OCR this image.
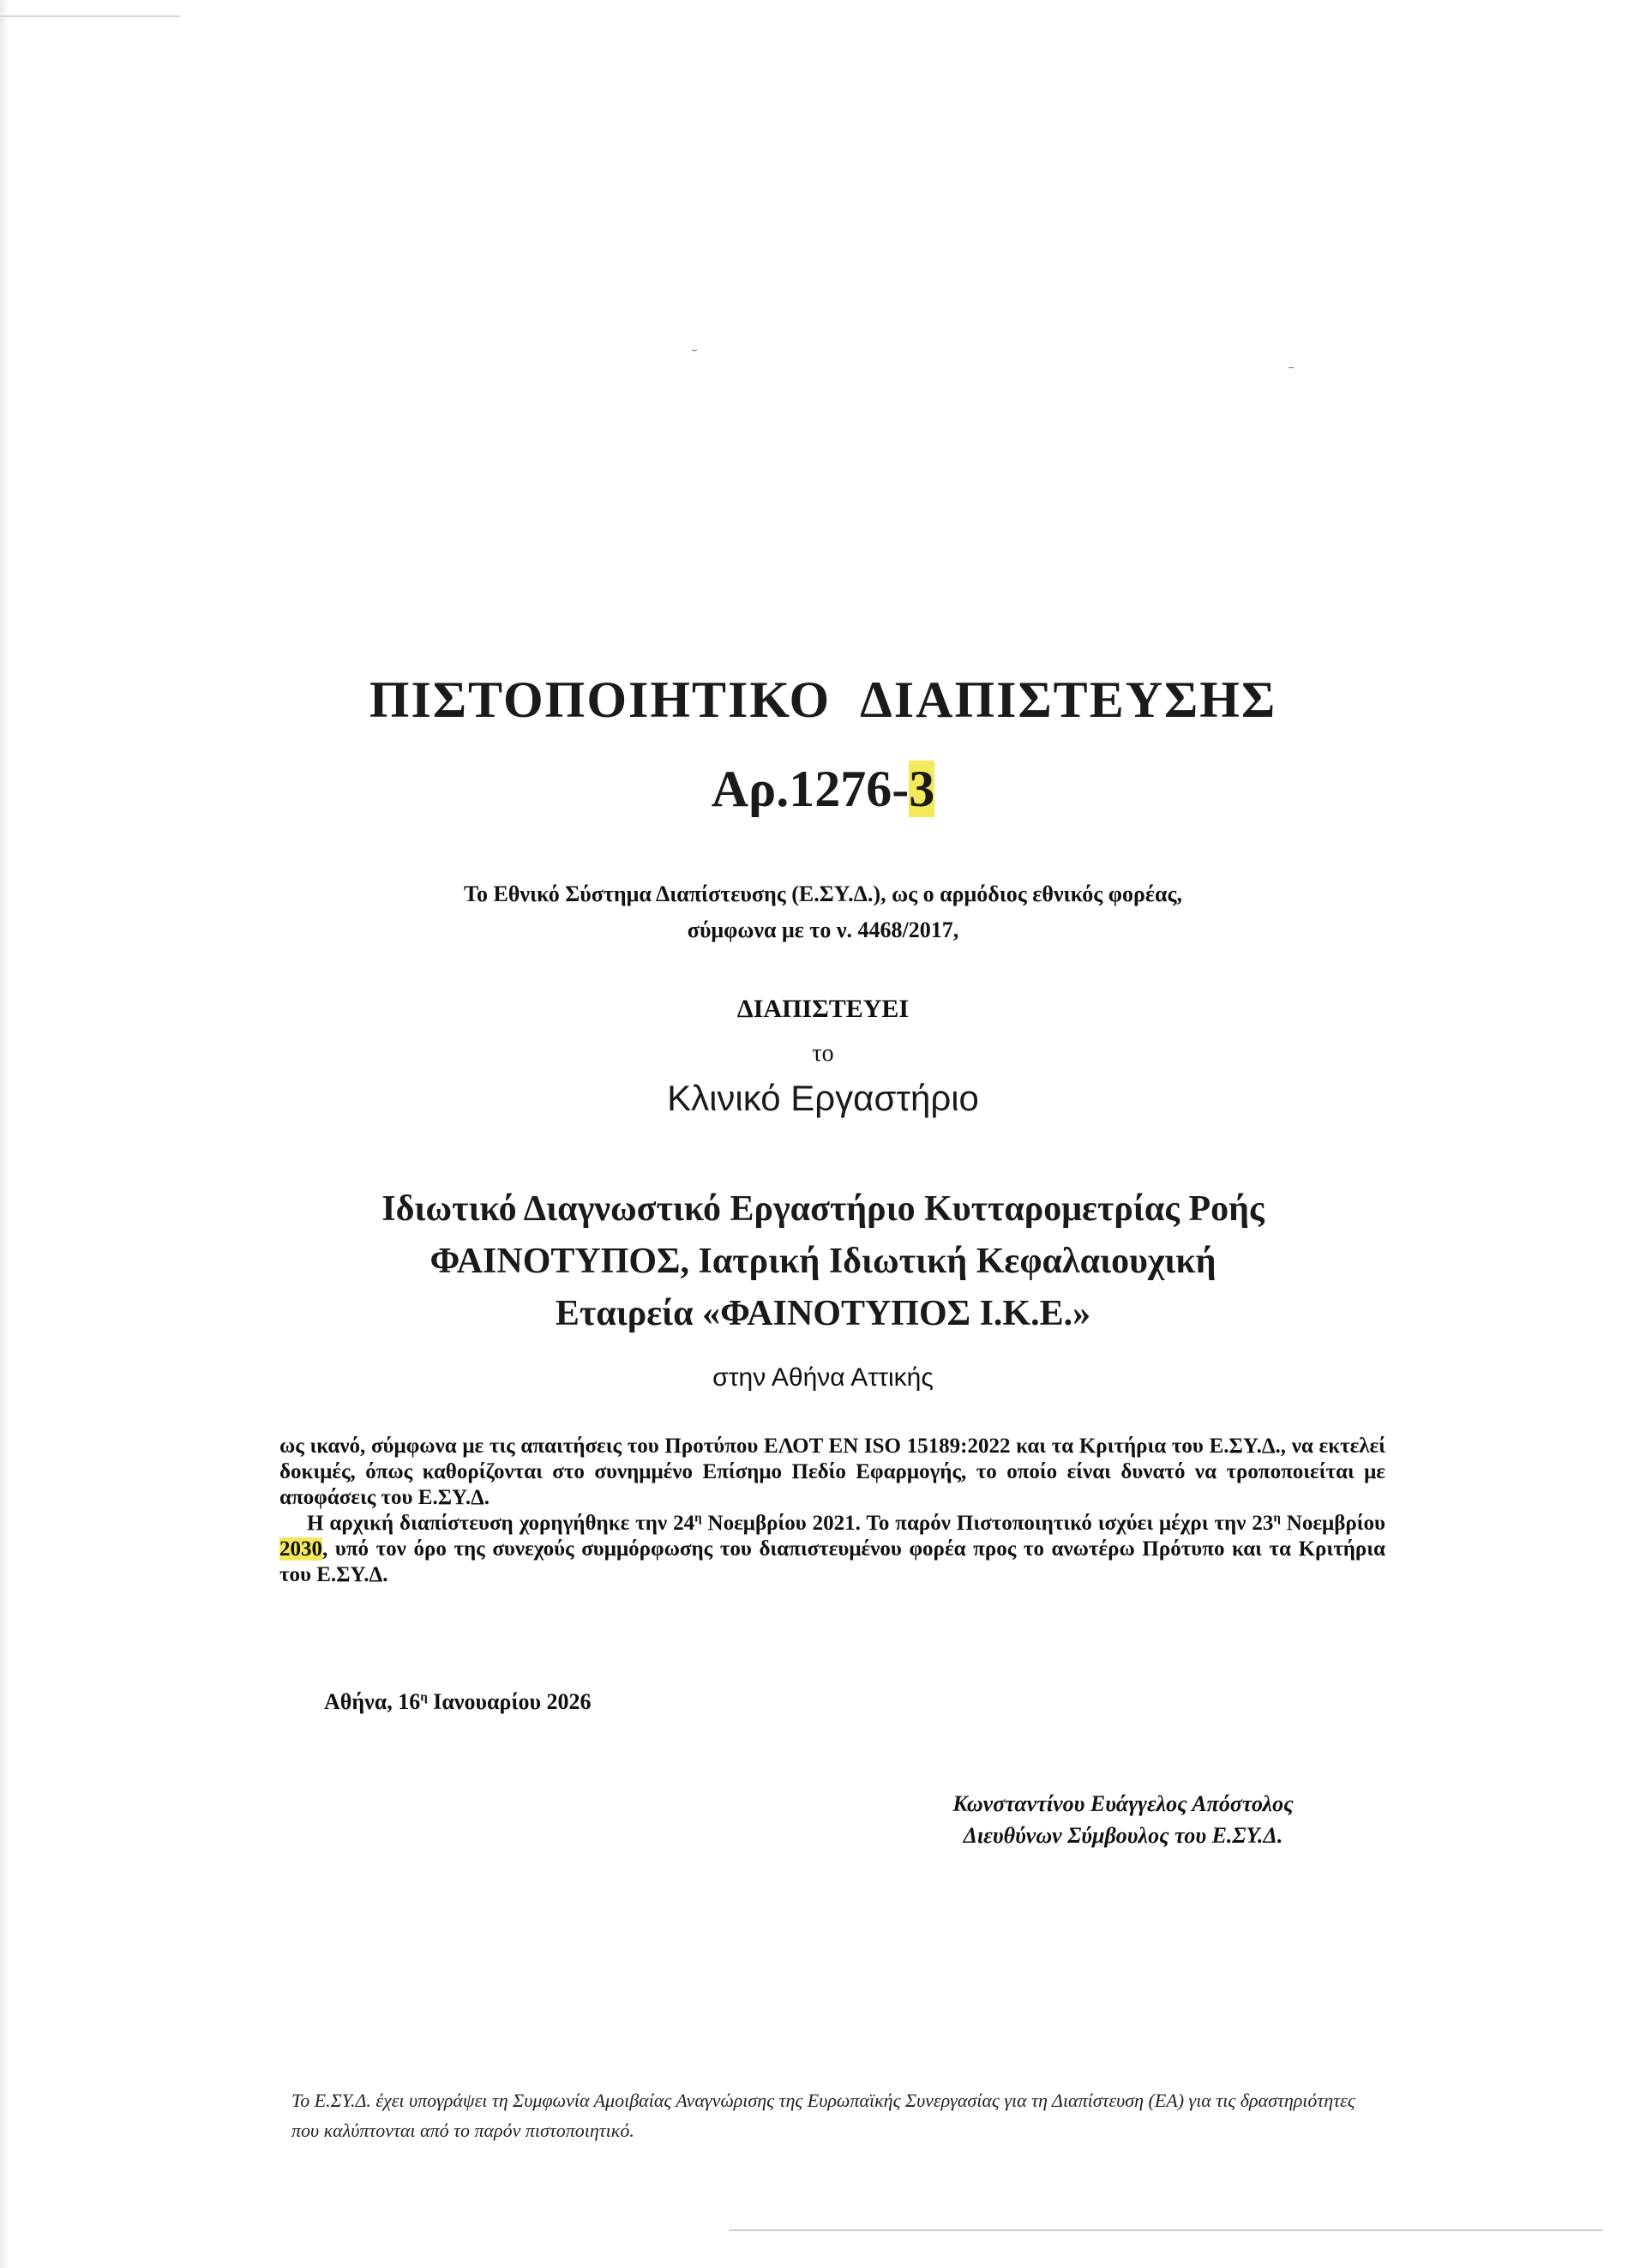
⁻
ΠΙΣΤΟΠΟΙΗΤΙΚΟ ΔΙΑΠΙΣΤΕΥΣΗΣ
Αρ.1276-3
Το Εθνικό Σύστημα Διαπίστευσης (Ε.ΣΥ.Δ.), ως ο αρμόδιος εθνικός φορέας,
σύμφωνα με το ν. 4468/2017,
ΔΙΑΠΙΣΤΕΥΕΙ
το
Κλινικό Εργαστήριο
Ιδιωτικό Διαγνωστικό Εργαστήριο Κυτταρομετρίας Ροής
ΦΑΙΝΟΤΥΠΟΣ, Ιατρική Ιδιωτική Κεφαλαιουχική
Εταιρεία «ΦΑΙΝΟΤΥΠΟΣ Ι.Κ.Ε.»
στην Αθήνα Αττικής

ως ικανό, σύμφωνα με τις απαιτήσεις του Προτύπου ΕΛΟΤ ΕΝ ISO 15189:2022 και τα Κριτήρια του Ε.ΣΥ.Δ., να εκτελεί δοκιμές, όπως καθορίζονται στο συνημμένο Επίσημο Πεδίο Εφαρμογής, το οποίο είναι δυνατό να τροποποιείται με αποφάσεις του Ε.ΣΥ.Δ.

Η αρχική διαπίστευση χορηγήθηκε την $24^\eta$ Νοεμβρίου 2021. Το παρόν Πιστοποιητικό ισχύει μέχρι την $23^\eta$ Νοεμβρίου 2030, υπό τον όρο της συνεχούς συμμόρφωσης του διαπιστευμένου φορέα προς το ανωτέρω Πρότυπο και τα Κριτήρια του Ε.ΣΥ.Δ.

Αθήνα, $16^\eta$ Ιανουαρίου 2026
Κωνσταντίνου Ευάγγελος Απόστολος
Διευθύνων Σύμβουλος του Ε.ΣΥ.Δ.
Το Ε.ΣΥ.Δ. έχει υπογράψει τη Συμφωνία Αμοιβαίας Αναγνώρισης της Ευρωπαϊκής Συνεργασίας για τη Διαπίστευση (ΕΑ) για τις δραστηριότητες που καλύπτονται από το παρόν πιστοποιητικό.
